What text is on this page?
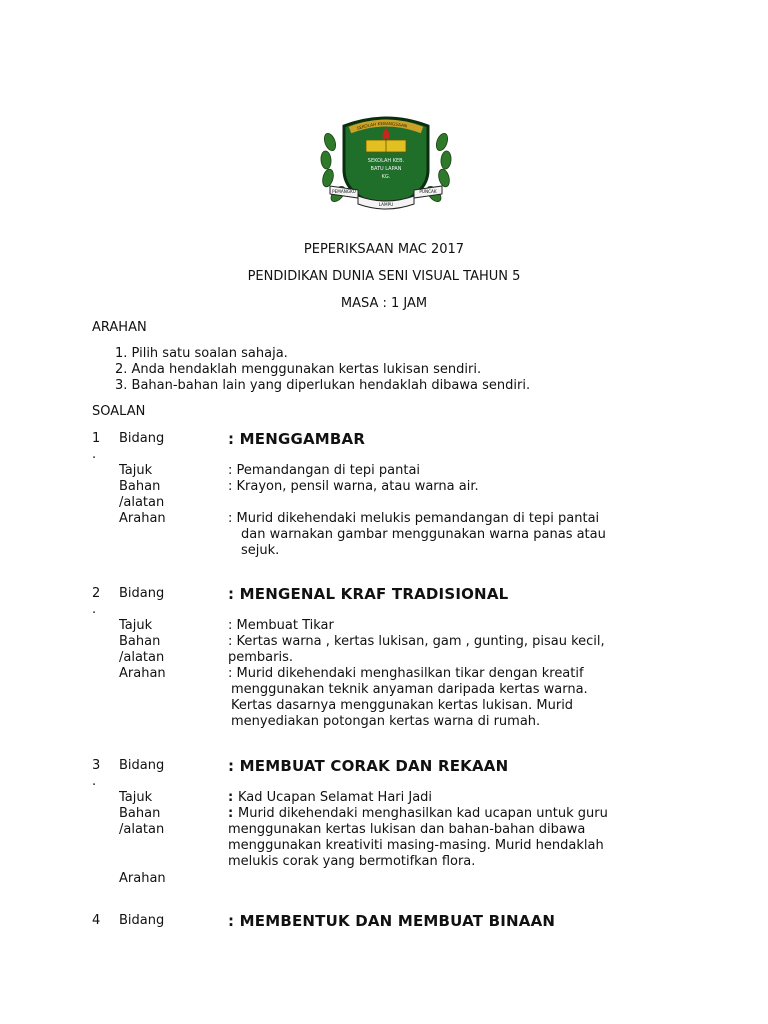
SEKOLAH KEBANGSAAN
SEKOLAH KEB.
BATU LAPAN
KG.
PEMANGKU
LAMPU
PUNCAK
PEPERIKSAAN MAC 2017
PENDIDIKAN DUNIA SENI VISUAL TAHUN 5
MASA : 1 JAM
ARAHAN
1. Pilih satu soalan sahaja.
2. Anda hendaklah menggunakan kertas lukisan sendiri.
3. Bahan-bahan lain yang diperlukan hendaklah dibawa sendiri.
SOALAN
1
.
Bidang	: MENGGAMBAR
Tajuk	: Pemandangan di tepi pantai
Bahan	: Krayon, pensil warna, atau warna air.
/alatan
Arahan	: Murid dikehendaki melukis pemandangan di tepi pantai
dan warnakan gambar menggunakan warna panas atau
sejuk.
2
.
Bidang	: MENGENAL KRAF TRADISIONAL
Tajuk	: Membuat Tikar
Bahan	: Kertas warna , kertas lukisan, gam , gunting, pisau kecil,
/alatan	pembaris.
Arahan	: Murid dikehendaki menghasilkan tikar dengan kreatif
menggunakan teknik anyaman daripada kertas warna.
Kertas dasarnya menggunakan kertas lukisan. Murid
menyediakan potongan kertas warna di rumah.
3
.
Bidang	: MEMBUAT CORAK DAN REKAAN
Tajuk	: Kad Ucapan Selamat Hari Jadi
Bahan	: Murid dikehendaki menghasilkan kad ucapan untuk guru
/alatan	menggunakan kertas lukisan dan bahan-bahan dibawa
menggunakan kreativiti masing-masing. Murid hendaklah
melukis corak yang bermotifkan flora.
Arahan
4 Bidang	: MEMBENTUK DAN MEMBUAT BINAAN
